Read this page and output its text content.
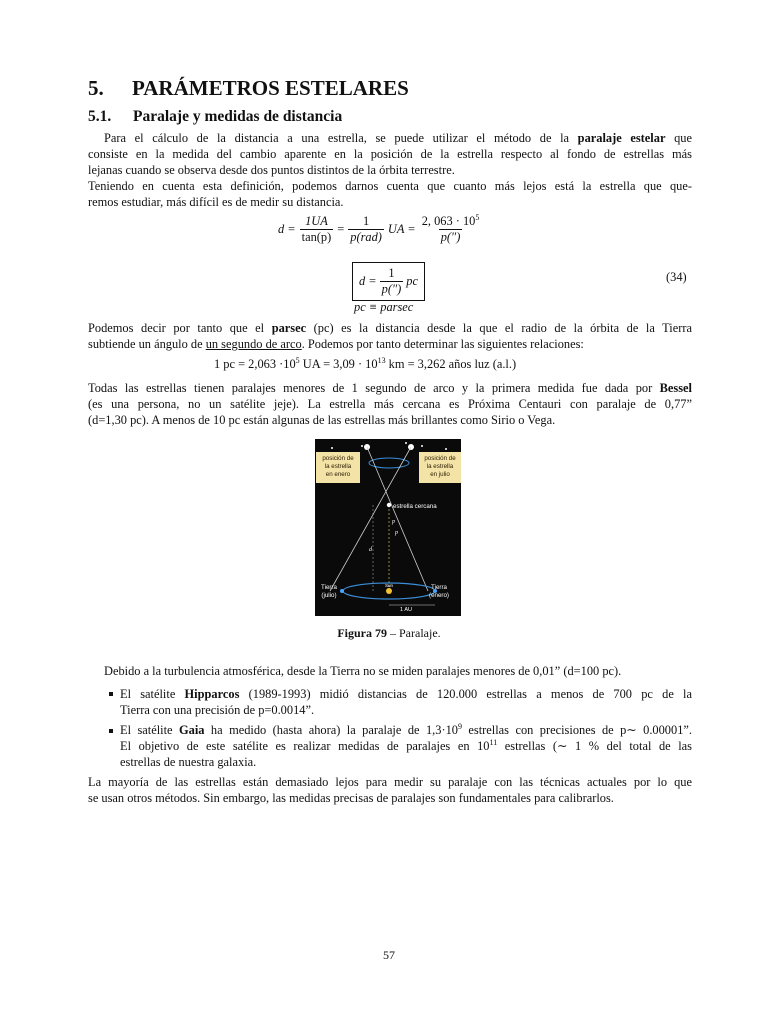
5. PARÁMETROS ESTELARES
5.1. Paralaje y medidas de distancia
Para el cálculo de la distancia a una estrella, se puede utilizar el método de la paralaje estelar que
consiste en la medida del cambio aparente en la posición de la estrella respecto al fondo de estrellas más
lejanas cuando se observa desde dos puntos distintos de la órbita terrestre.
Teniendo en cuenta esta definición, podemos darnos cuenta que cuanto más lejos está la estrella que que-
remos estudiar, más difícil es de medir su distancia.
$d = \frac{1UA}{\tan(p)} = \frac{1}{\text{p(rad)}}$ UA = $\frac{2, 063 \cdot 10^5}{p('')}$
$d = \frac{1}{p('')}$ pc	(34)
pc ≡ parsec
Podemos decir por tanto que el parsec (pc) es la distancia desde la que el radio de la órbita de la Tierra
subtiende un ángulo de un segundo de arco. Podemos por tanto determinar las siguientes relaciones:
1 pc = $2,063 \cdot 10^5$ UA = $3,09 \cdot 10^{13}$ km = 3,262 años luz (a.l.)
Todas las estrellas tienen paralajes menores de 1 segundo de arco y la primera medida fue dada por Bessel
(es una persona, no un satélite jeje). La estrella más cercana es Próxima Centauri con paralaje de 0,77”
(d=1,30 pc). A menos de 10 pc están algunas de las estrellas más brillantes como Sirio o Vega.
posición de
la estrella
en enero
posición de
la estrella
en julio
estrella cercana
p
p
d
Tierra
(julio)
Tierra
(enero)
Sun
1 AU
Figura 79 – Paralaje.
Debido a la turbulencia atmosférica, desde la Tierra no se miden paralajes menores de 0,01” (d=100 pc).
El satélite Hipparcos (1989-1993) midió distancias de 120.000 estrellas a menos de 700 pc de la
Tierra con una precisión de p=0.0014”.
El satélite Gaia ha medido (hasta ahora) la paralaje de $1,3\cdot 10^9$ estrellas con precisiones de p∼ 0.00001”.
El objetivo de este satélite es realizar medidas de paralajes en $10^{11}$ estrellas (∼ 1 % del total de las
estrellas de nuestra galaxia.
La mayoría de las estrellas están demasiado lejos para medir su paralaje con las técnicas actuales por lo que
se usan otros métodos. Sin embargo, las medidas precisas de paralajes son fundamentales para calibrarlos.
57
